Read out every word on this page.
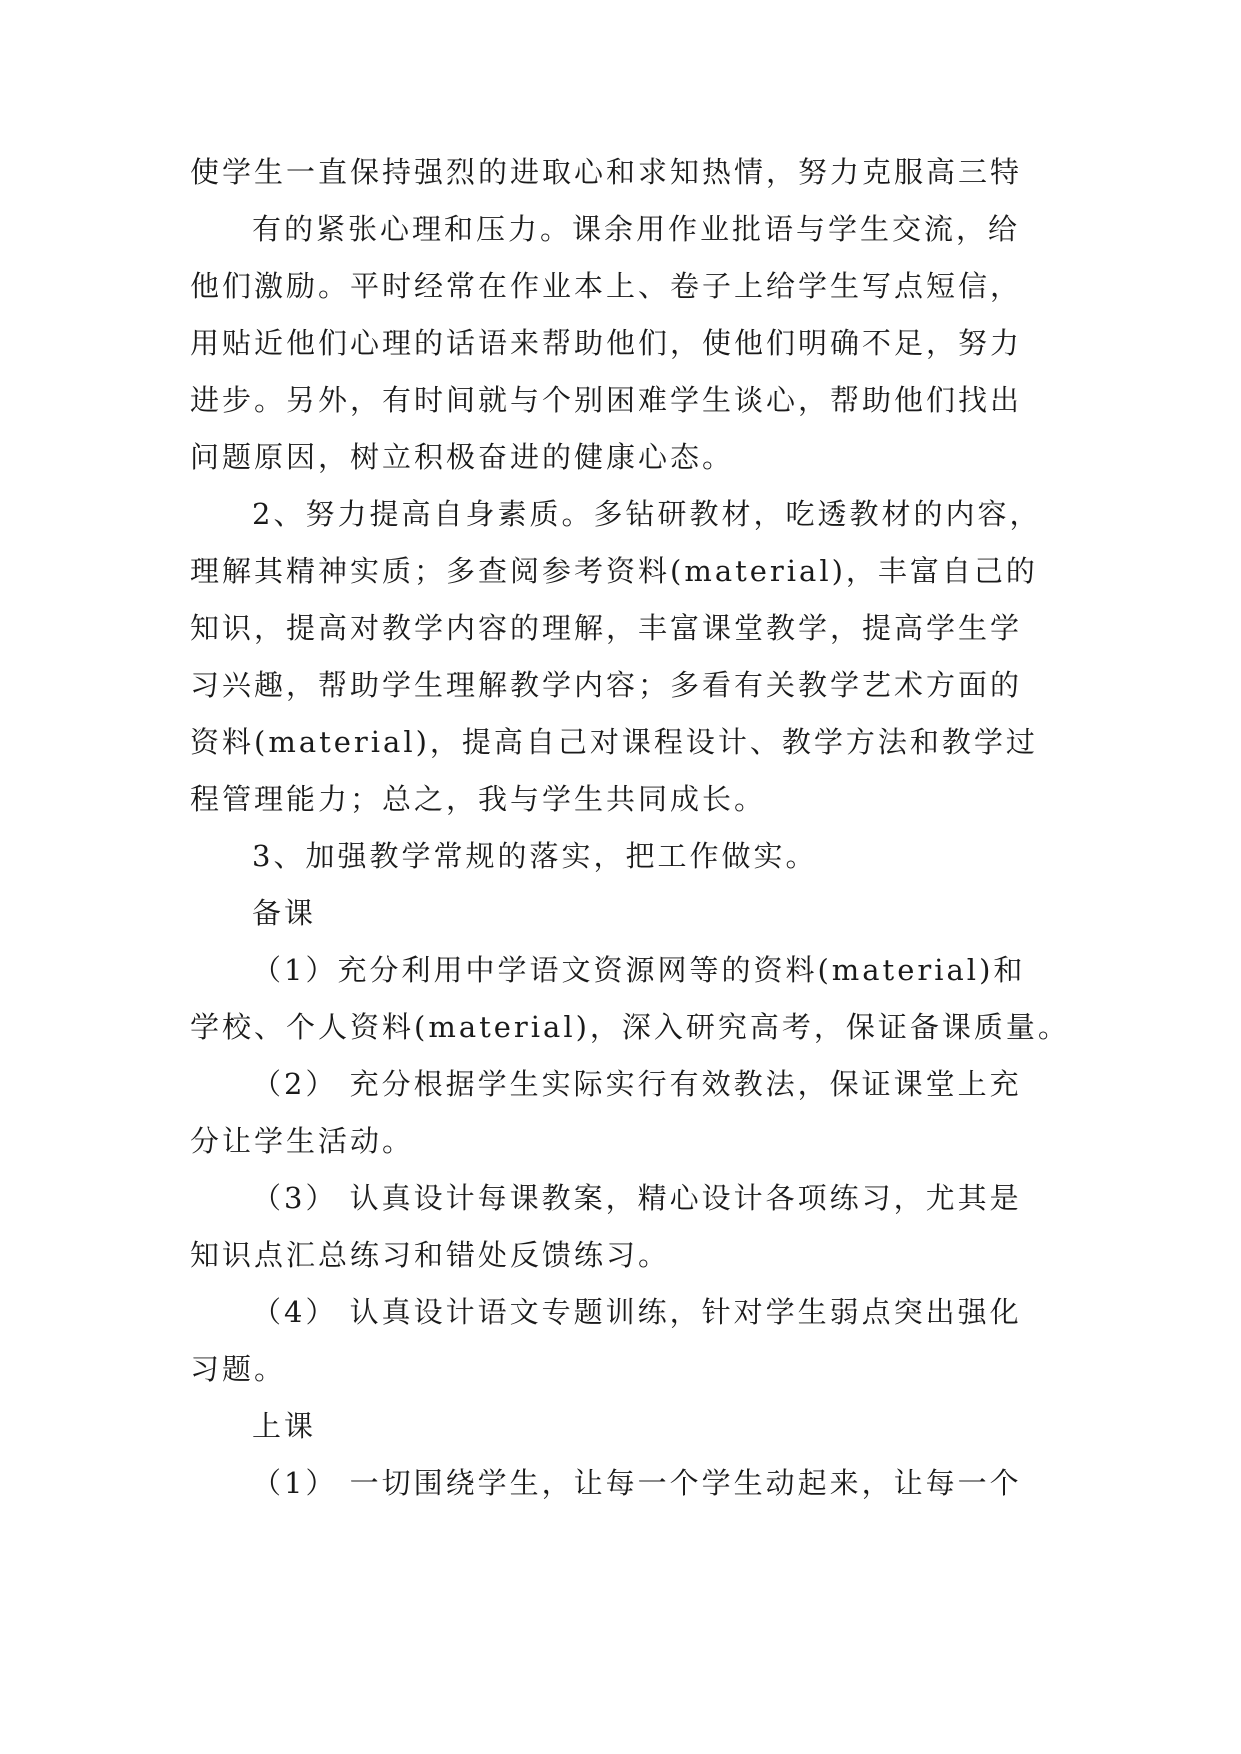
使学生一直保持强烈的进取心和求知热情，努力克服高三特
有的紧张心理和压力。课余用作业批语与学生交流，给
他们激励。平时经常在作业本上、卷子上给学生写点短信，
用贴近他们心理的话语来帮助他们，使他们明确不足，努力
进步。另外，有时间就与个别困难学生谈心，帮助他们找出
问题原因，树立积极奋进的健康心态。
2、努力提高自身素质。多钻研教材，吃透教材的内容，
理解其精神实质；多查阅参考资料(material)，丰富自己的
知识，提高对教学内容的理解，丰富课堂教学，提高学生学
习兴趣，帮助学生理解教学内容；多看有关教学艺术方面的
资料(material)，提高自己对课程设计、教学方法和教学过
程管理能力；总之，我与学生共同成长。
3、加强教学常规的落实，把工作做实。
备课
（1）充分利用中学语文资源网等的资料(material)和
学校、个人资料(material)，深入研究高考，保证备课质量。
（2） 充分根据学生实际实行有效教法，保证课堂上充
分让学生活动。
（3） 认真设计每课教案，精心设计各项练习，尤其是
知识点汇总练习和错处反馈练习。
（4） 认真设计语文专题训练，针对学生弱点突出强化
习题。
上课
（1） 一切围绕学生，让每一个学生动起来，让每一个
